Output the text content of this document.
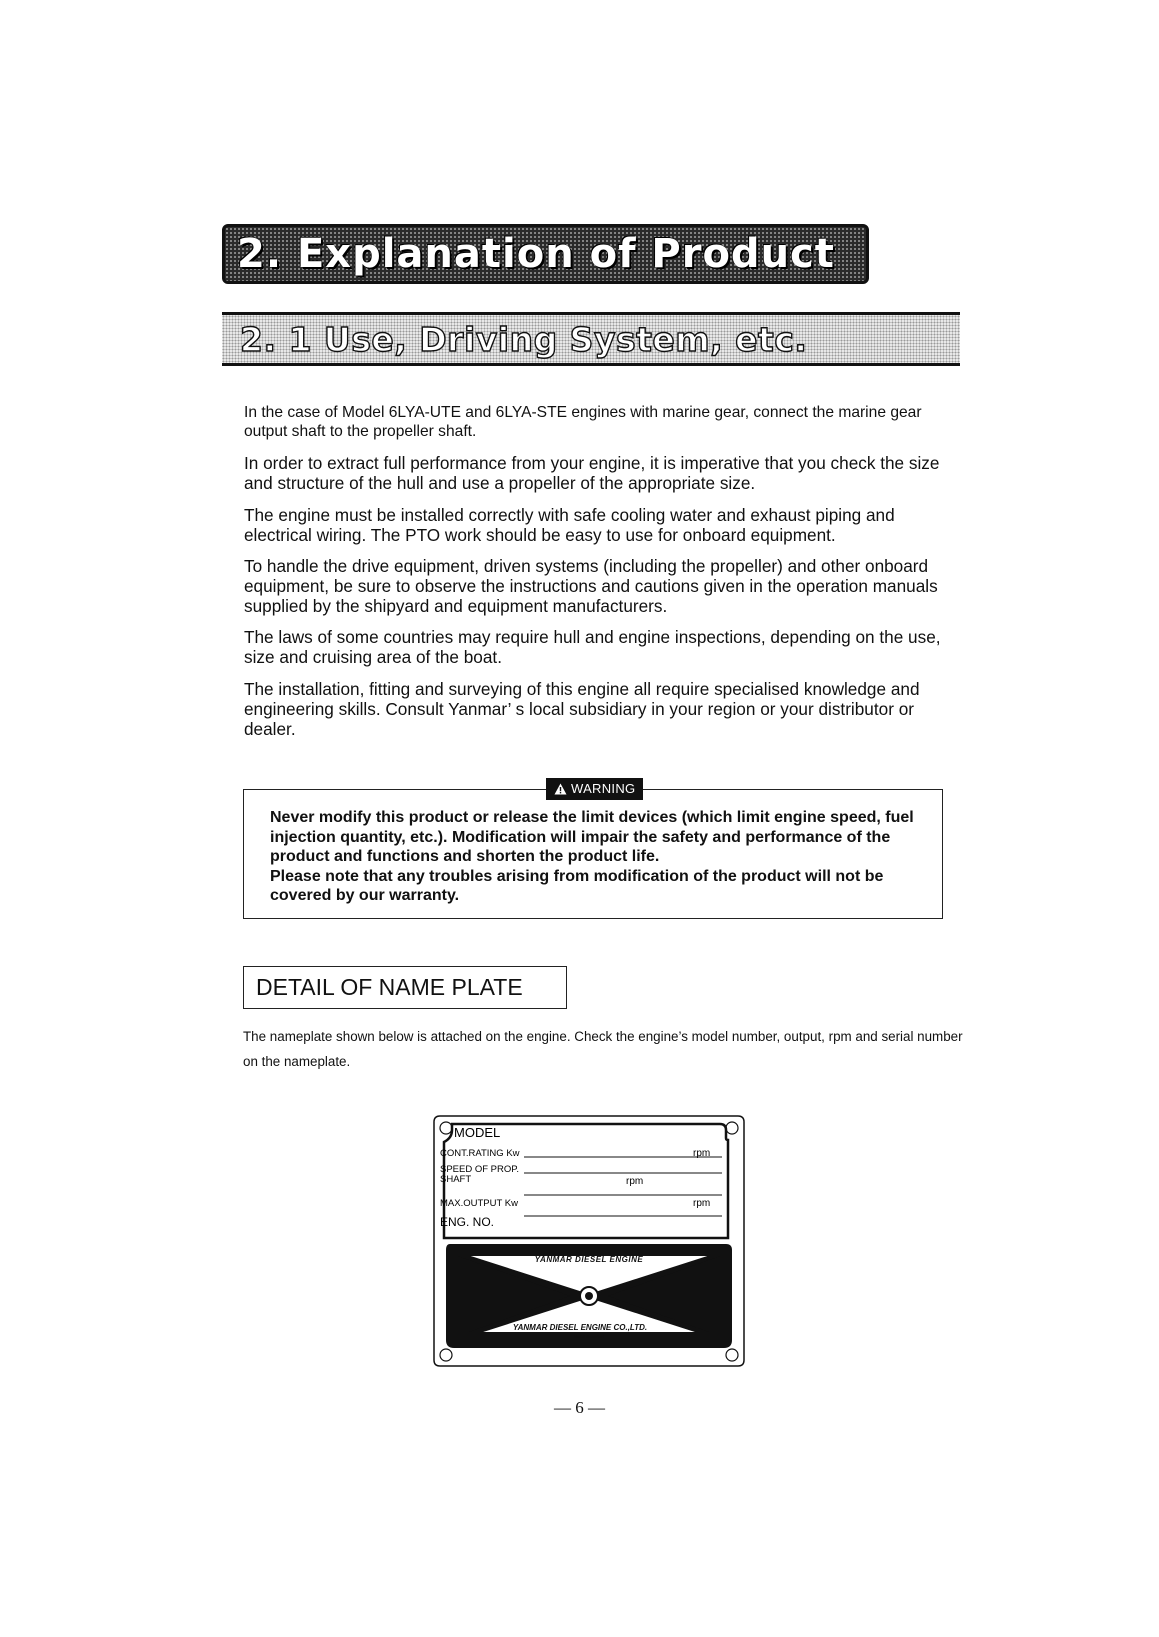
2. Explanation of Product
2. 1 Use, Driving System, etc.

In the case of Model 6LYA-UTE and 6LYA-STE engines with marine gear, connect the marine gear output shaft to the propeller shaft.

In order to extract full performance from your engine, it is imperative that you check the size and structure of the hull and use a propeller of the appropriate size.

The engine must be installed correctly with safe cooling water and exhaust piping and electrical wiring. The PTO work should be easy to use for onboard equipment.

To handle the drive equipment, driven systems (including the propeller) and other onboard equipment, be sure to observe the instructions and cautions given in the operation manuals supplied by the shipyard and equipment manufacturers.

The laws of some countries may require hull and engine inspections, depending on the use, size and cruising area of the boat.

The installation, fitting and surveying of this engine all require specialised knowledge and engineering skills. Consult Yanmar’ s local subsidiary in your region or your distributor or dealer.

WARNING

Never modify this product or release the limit devices (which limit engine speed, fuel injection quantity, etc.). Modification will impair the safety and performance of the product and functions and shorten the product life.

Please note that any troubles arising from modification of the product will not be covered by our warranty.

DETAIL OF NAME PLATE
The nameplate shown below is attached on the engine. Check the engine’s model number, output, rpm and serial number on the nameplate.
MODEL
CONT.RATING Kw
SPEED OF PROP.
SHAFT
MAX.OUTPUT Kw
ENG. NO.
rpm
rpm
rpm
YANMAR DIESEL ENGINE
YANMAR DIESEL ENGINE CO.,LTD.
MADE IN JAPAN
— 6 —
